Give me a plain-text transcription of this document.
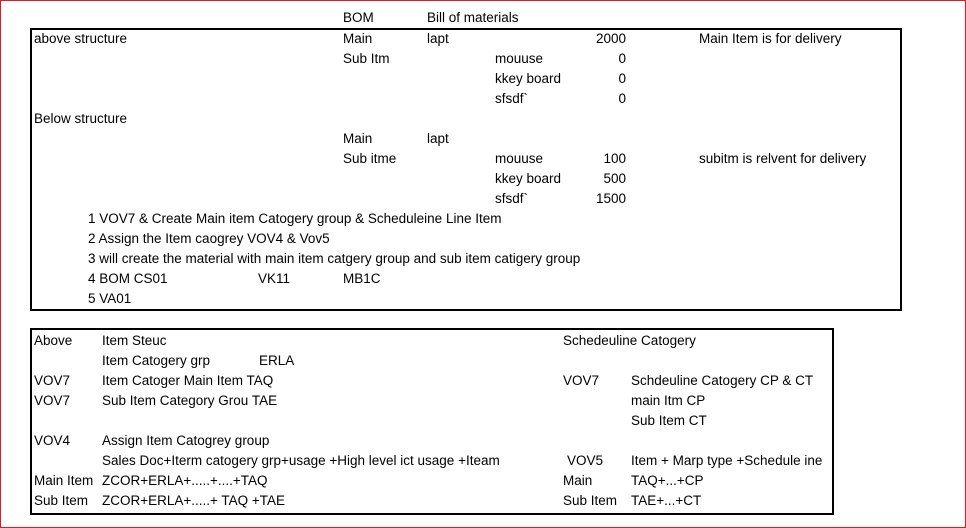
BOM	Bill of materials
above structure	Main	lapt	2000	Main Item is for delivery
Sub Itm	mouuse	0
kkey board	0
sfsdf`	0
Below structure
Main	lapt
Sub itme	mouuse	100	subitm is relvent for delivery
kkey board	500
sfsdf`	1500
1 VOV7 & Create Main item Catogery group & Scheduleine Line Item
2 Assign the Item caogrey VOV4 & Vov5
3 will create the material with main item catgery group and sub item catigery group
4 BOM CS01	VK11	MB1C
5 VA01
Above Item Steuc	Schedeuline Catogery
Item Catogery grp	ERLA
VOV7 Item Catoger Main Item TAQ	VOV7 Schdeuline Catogery CP & CT
VOV7 Sub Item Category Grou TAE	main Itm CP
Sub Item CT
VOV4 Assign Item Catogrey group
Sales Doc+Iterm catogery grp+usage +High level ict usage +Iteam	VOV5 Item + Marp type +Schedule ine
Main Item ZCOR+ERLA+.....+....+TAQ	Main	TAQ+...+CP
Sub Item ZCOR+ERLA+.....+ TAQ +TAE	Sub Item TAE+...+CT
